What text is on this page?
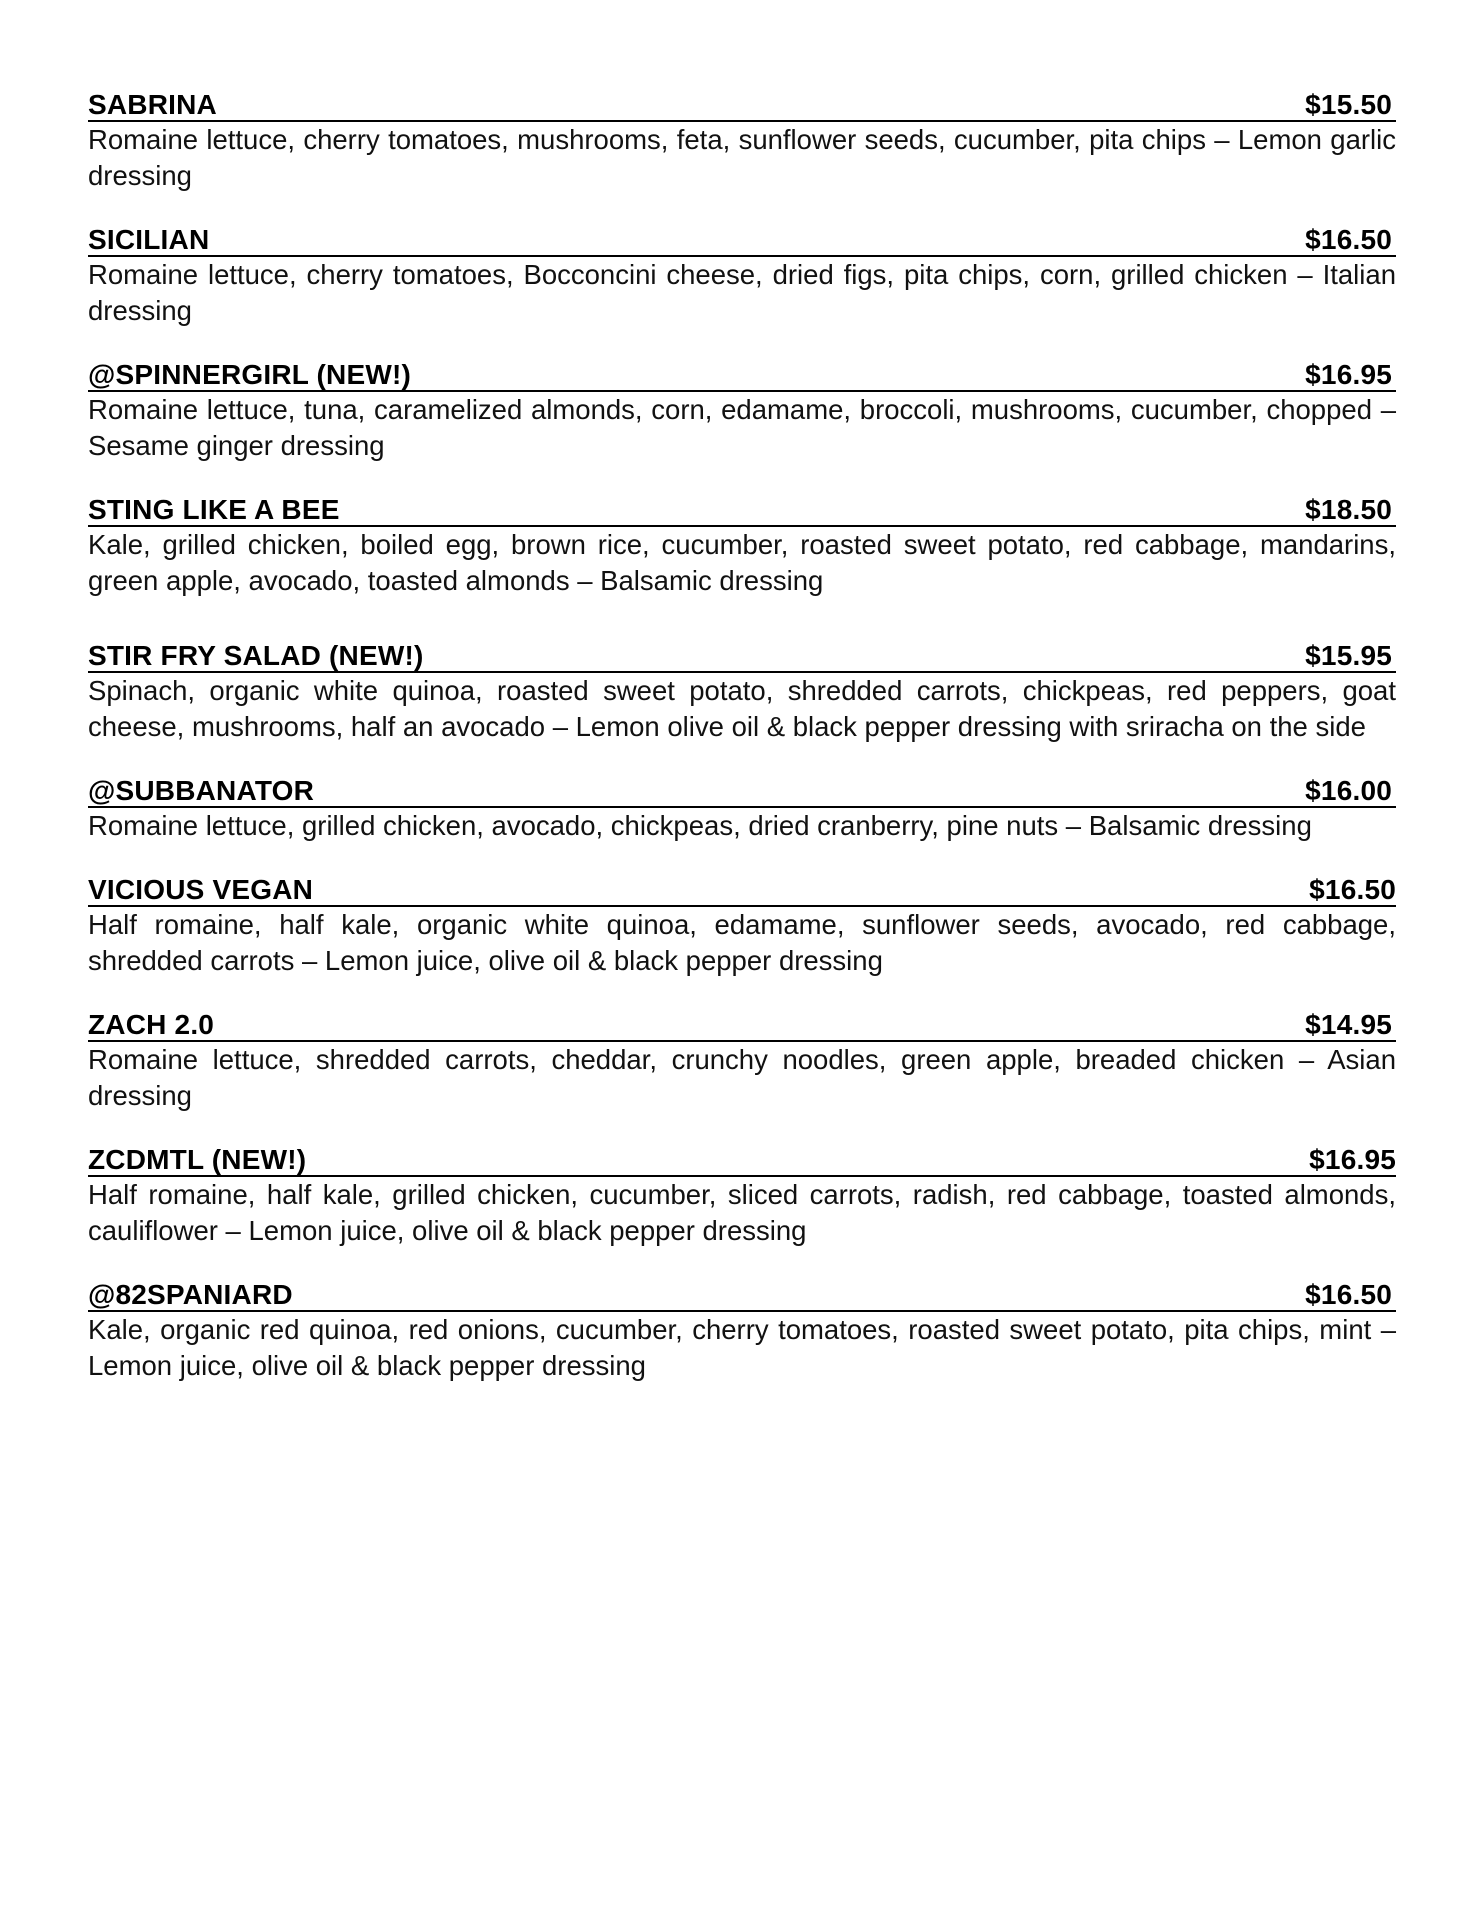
SABRINA	$15.50
Romaine lettuce, cherry tomatoes, mushrooms, feta, sunflower seeds, cucumber, pita chips – Lemon garlic dressing
SICILIAN	$16.50
Romaine lettuce, cherry tomatoes, Bocconcini cheese, dried figs, pita chips, corn, grilled chicken – Italian dressing
@SPINNERGIRL (NEW!)	$16.95
Romaine lettuce, tuna, caramelized almonds, corn, edamame, broccoli, mushrooms, cucumber, chopped – Sesame ginger dressing
STING LIKE A BEE	$18.50
Kale, grilled chicken, boiled egg, brown rice, cucumber, roasted sweet potato, red cabbage, mandarins, green apple, avocado, toasted almonds – Balsamic dressing
STIR FRY SALAD (NEW!)	$15.95
Spinach, organic white quinoa, roasted sweet potato, shredded carrots, chickpeas, red peppers, goat cheese, mushrooms, half an avocado – Lemon olive oil & black pepper dressing with sriracha on the side
@SUBBANATOR	$16.00
Romaine lettuce, grilled chicken, avocado, chickpeas, dried cranberry, pine nuts – Balsamic dressing
VICIOUS VEGAN	$16.50
Half romaine, half kale, organic white quinoa, edamame, sunflower seeds, avocado, red cabbage, shredded carrots – Lemon juice, olive oil & black pepper dressing
ZACH 2.0	$14.95
Romaine lettuce, shredded carrots, cheddar, crunchy noodles, green apple, breaded chicken – Asian dressing
ZCDMTL (NEW!)	$16.95
Half romaine, half kale, grilled chicken, cucumber, sliced carrots, radish, red cabbage, toasted almonds, cauliflower – Lemon juice, olive oil & black pepper dressing
@82SPANIARD	$16.50
Kale, organic red quinoa, red onions, cucumber, cherry tomatoes, roasted sweet potato, pita chips, mint – Lemon juice, olive oil & black pepper dressing
